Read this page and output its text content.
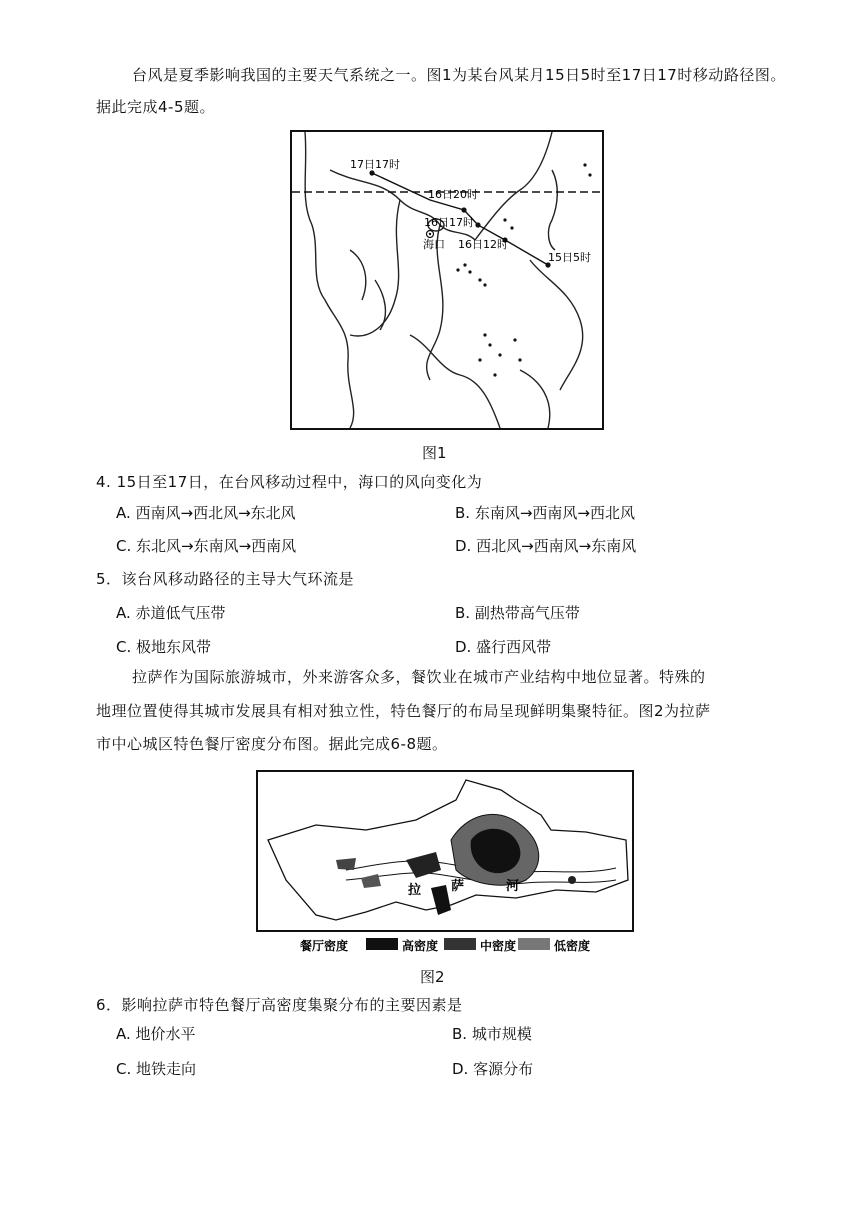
台风是夏季影响我国的主要天气系统之一。图1为某台风某月15日5时至17日17时移动路径图。
据此完成4-5题。
17日17时
16日20时
16日17时
海口 16日12时
15日5时
图1
4. 15日至17日，在台风移动过程中，海口的风向变化为
A. 西南风→西北风→东北风	B. 东南风→西南风→西北风
C. 东北风→东南风→西南风	D. 西北风→西南风→东南风
5．该台风移动路径的主导大气环流是
A. 赤道低气压带	B. 副热带高气压带
C. 极地东风带	D. 盛行西风带
拉萨作为国际旅游城市，外来游客众多，餐饮业在城市产业结构中地位显著。特殊的
地理位置使得其城市发展具有相对独立性，特色餐厅的布局呈现鲜明集聚特征。图2为拉萨
市中心城区特色餐厅密度分布图。据此完成6-8题。
拉 萨	河
餐厅密度	高密度	中密度	低密度
图2
6．影响拉萨市特色餐厅高密度集聚分布的主要因素是
A. 地价水平	B. 城市规模
C. 地铁走向	D. 客源分布
